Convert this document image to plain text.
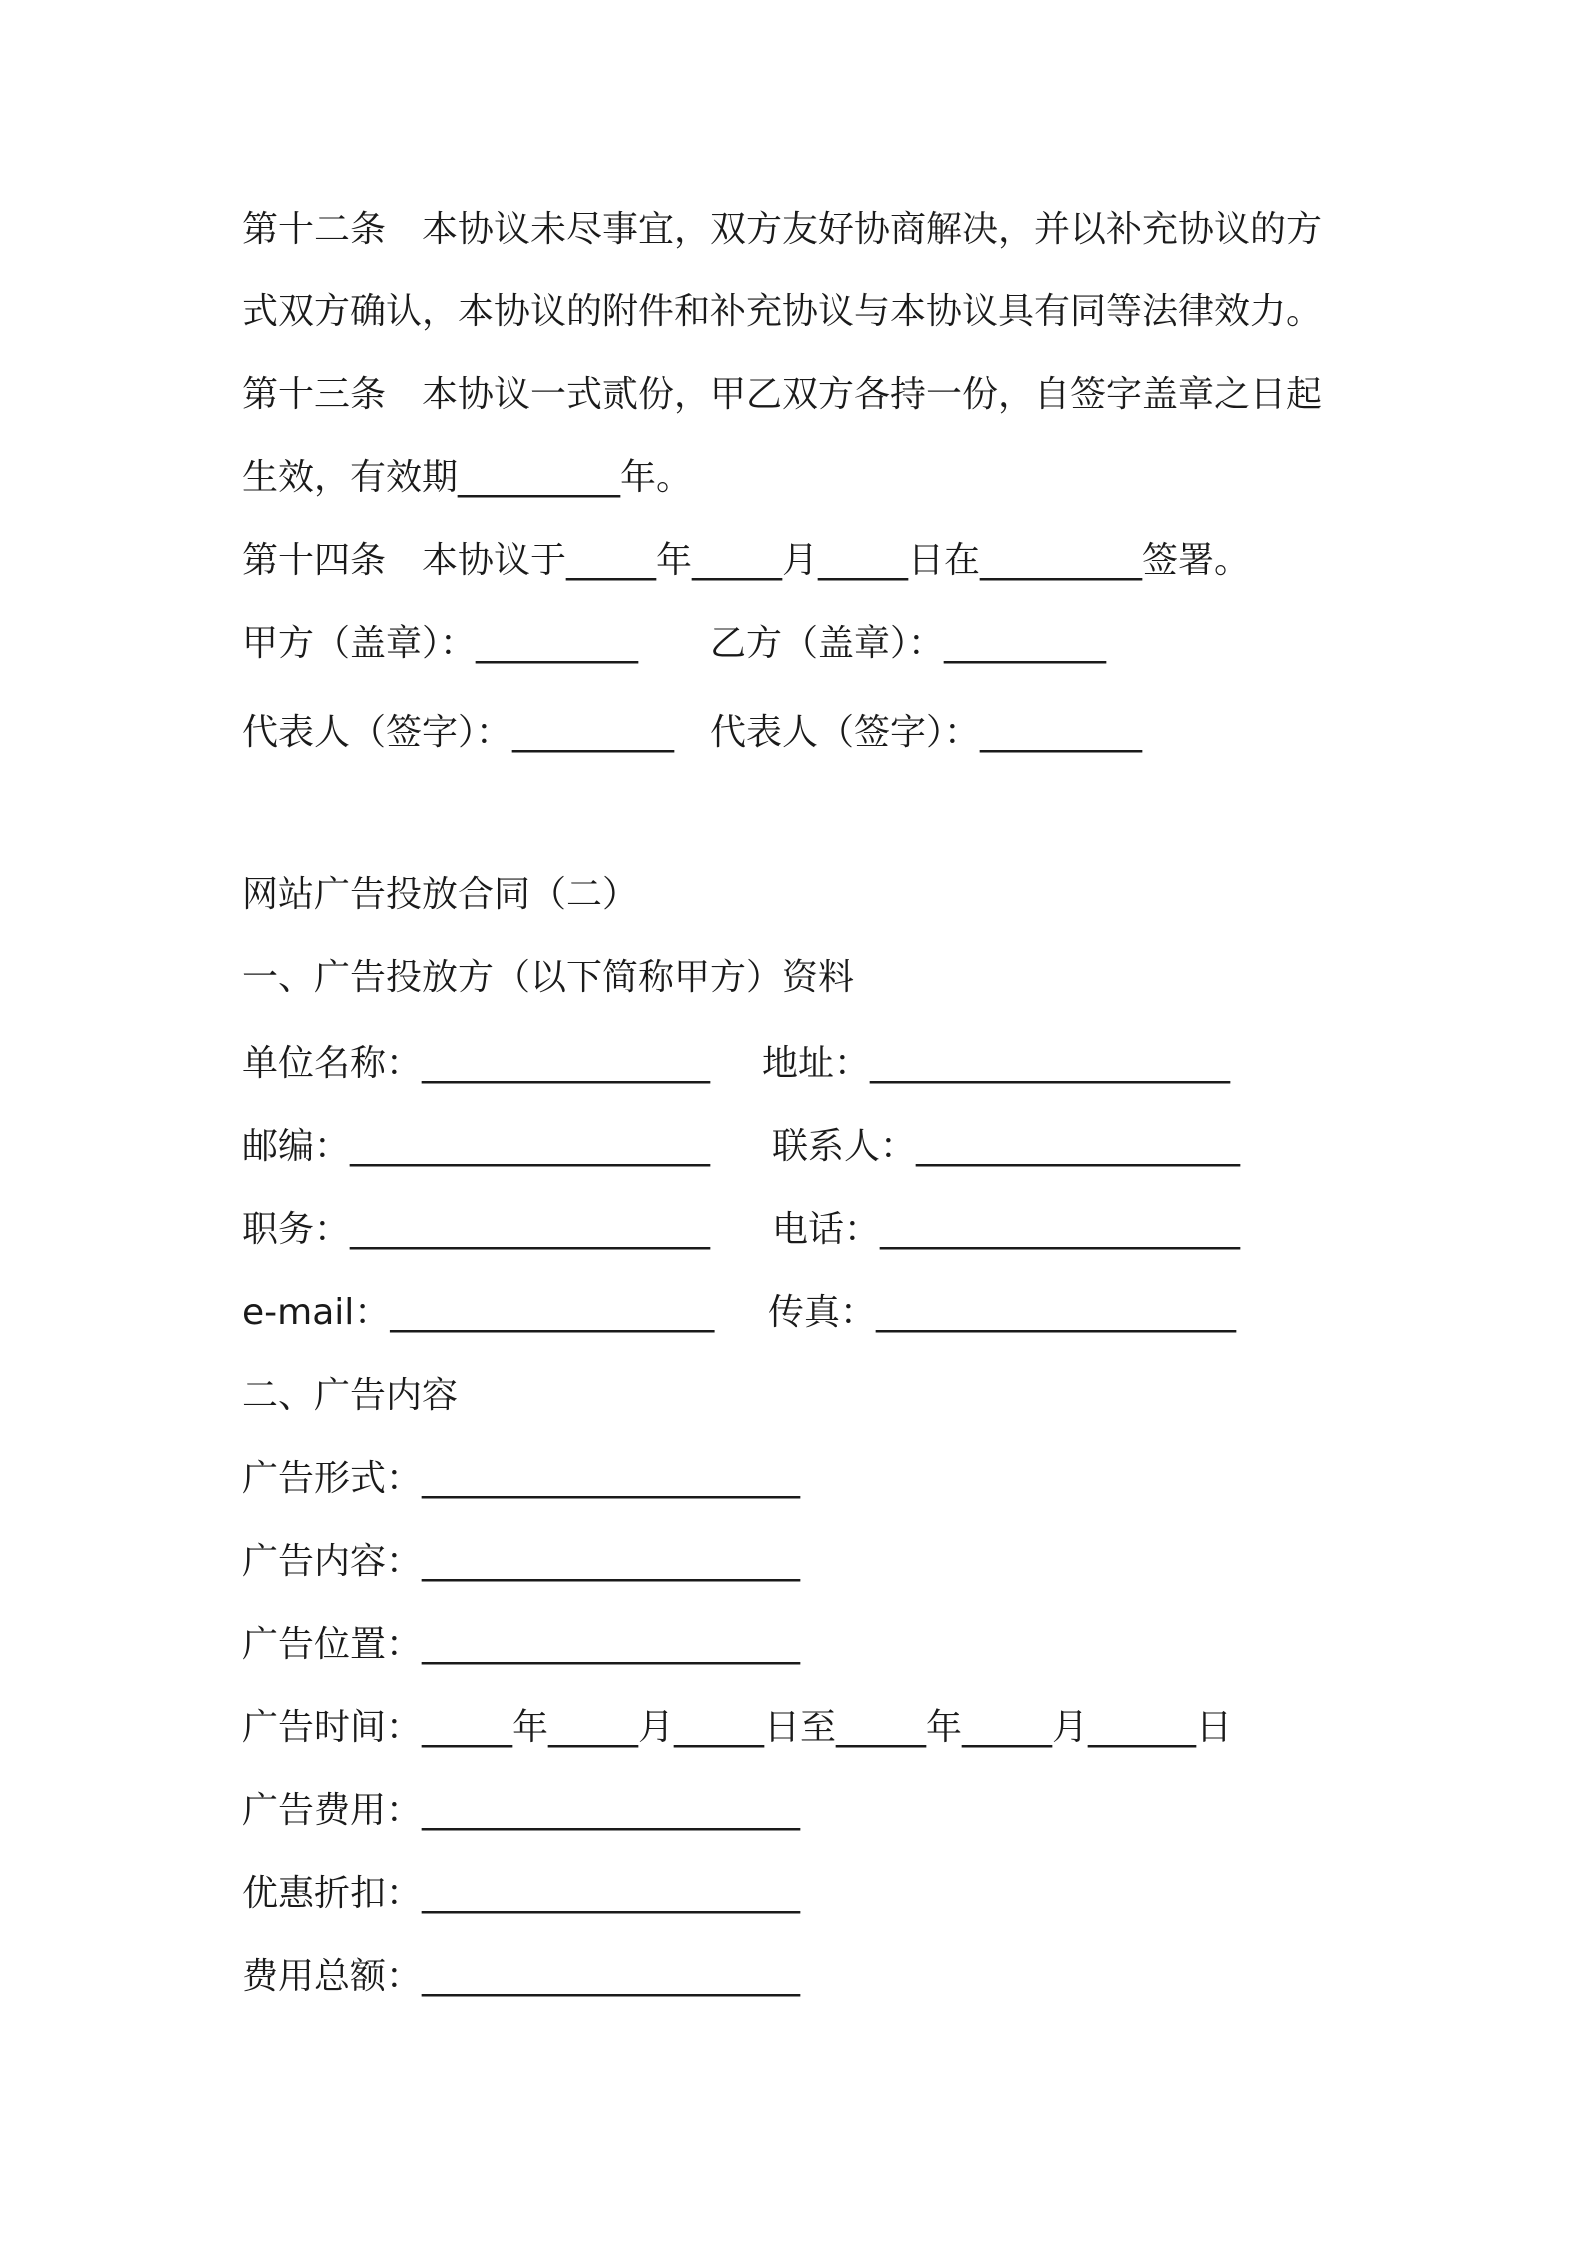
第十二条　本协议未尽事宜，双方友好协商解决，并以补充协议的方

式双方确认，本协议的附件和补充协议与本协议具有同等法律效力。

第十三条　本协议一式贰份，甲乙双方各持一份，自签字盖章之日起

生效，有效期_________年。

第十四条　本协议于_____年_____月_____日在_________签署。

甲方（盖章）：_________ 乙方（盖章）：_________

代表人（签字）：_________ 代表人（签字）：_________

网站广告投放合同（二）

一、广告投放方（以下简称甲方）资料

单位名称：________________ 地址：____________________

邮编：____________________ 联系人：__________________

职务：____________________ 电话：____________________

e-mail：__________________ 传真：____________________

二、广告内容

广告形式：_____________________

广告内容：_____________________

广告位置：_____________________

广告时间：_____年_____月_____日至_____年_____月______日

广告费用：_____________________

优惠折扣：_____________________

费用总额：_____________________
